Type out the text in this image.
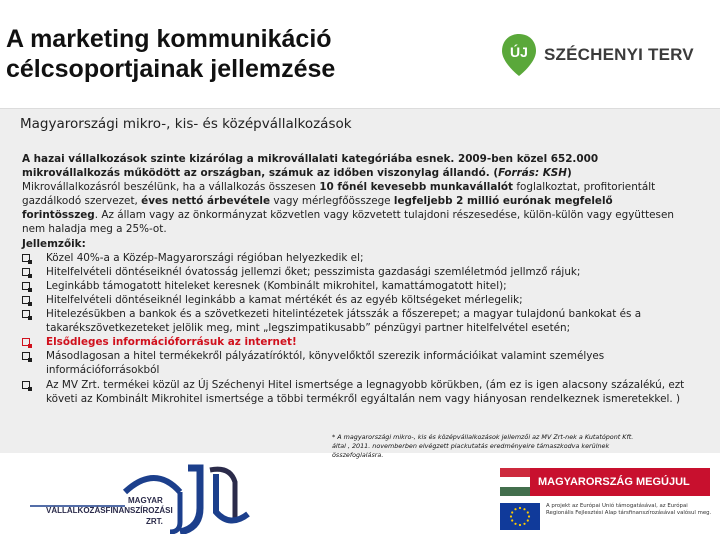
A marketing kommunikáció
célcsoportjainak jellemzése
ÚJ SZÉCHENYI TERV
Magyarországi mikro-, kis- és középvállalkozások

A hazai vállalkozások szinte kizárólag a mikrovállalati kategóriába esnek. 2009-ben közel 652.000 mikrovállalkozás működött az országban, számuk az időben viszonylag állandó. (Forrás: KSH)

Mikrovállalkozásról beszélünk, ha a vállalkozás összesen 10 főnél kevesebb munkavállalót foglalkoztat, profitorientált gazdálkodó szervezet, éves nettó árbevétele vagy mérlegfőösszege legfeljebb 2 millió eurónak megfelelő forintösszeg. Az állam vagy az önkormányzat közvetlen vagy közvetett tulajdoni részesedése, külön-külön vagy együttesen nem haladja meg a 25%-ot.

Jellemzőik:

Közel 40%-a a Közép-Magyarországi régióban helyezkedik el;
Hitelfelvételi döntéseiknél óvatosság jellemzi őket; pesszimista gazdasági szemléletmód jellmző rájuk;
Leginkább támogatott hiteleket keresnek (Kombinált mikrohitel, kamattámogatott hitel);
Hitelfelvételi döntéseiknél leginkább a kamat mértékét és az egyéb költségeket mérlegelik;
Hitelezésükben a bankok és a szövetkezeti hitelintézetek játsszák a főszerepet; a magyar tulajdonú bankokat és a takarékszövetkezeteket jelölik meg, mint „legszimpatikusabb” pénzügyi partner hitelfelvétel esetén;
Elsődleges információforrásuk az internet!
Másodlagosan a hitel termékekről pályázatíróktól, könyvelőktől szerezik információikat valamint személyes információforrásokból
Az MV Zrt. termékei közül az Új Széchenyi Hitel ismertsége a legnagyobb körükben, (ám ez is igen alacsony százalékú, ezt követi az Kombinált Mikrohitel ismertsége a többi termékről egyáltalán nem vagy hiányosan rendelkeznek ismeretekkel. )
* A magyarországi mikro-, kis és középvállalkozások jellemzői az MV Zrt-nek a Kutatópont Kft. által , 2011. novemberben elvégzett piackutatás eredményeire támaszkodva kerülnek összefoglalásra.
MAGYAR
VÁLLALKOZÁSFINANSZÍROZÁSI
ZRT.
MAGYARORSZÁG MEGÚJUL
A projekt az Európai Unió támogatásával, az Európai Regionális Fejlesztési Alap társfinanszírozásával valósul meg.
